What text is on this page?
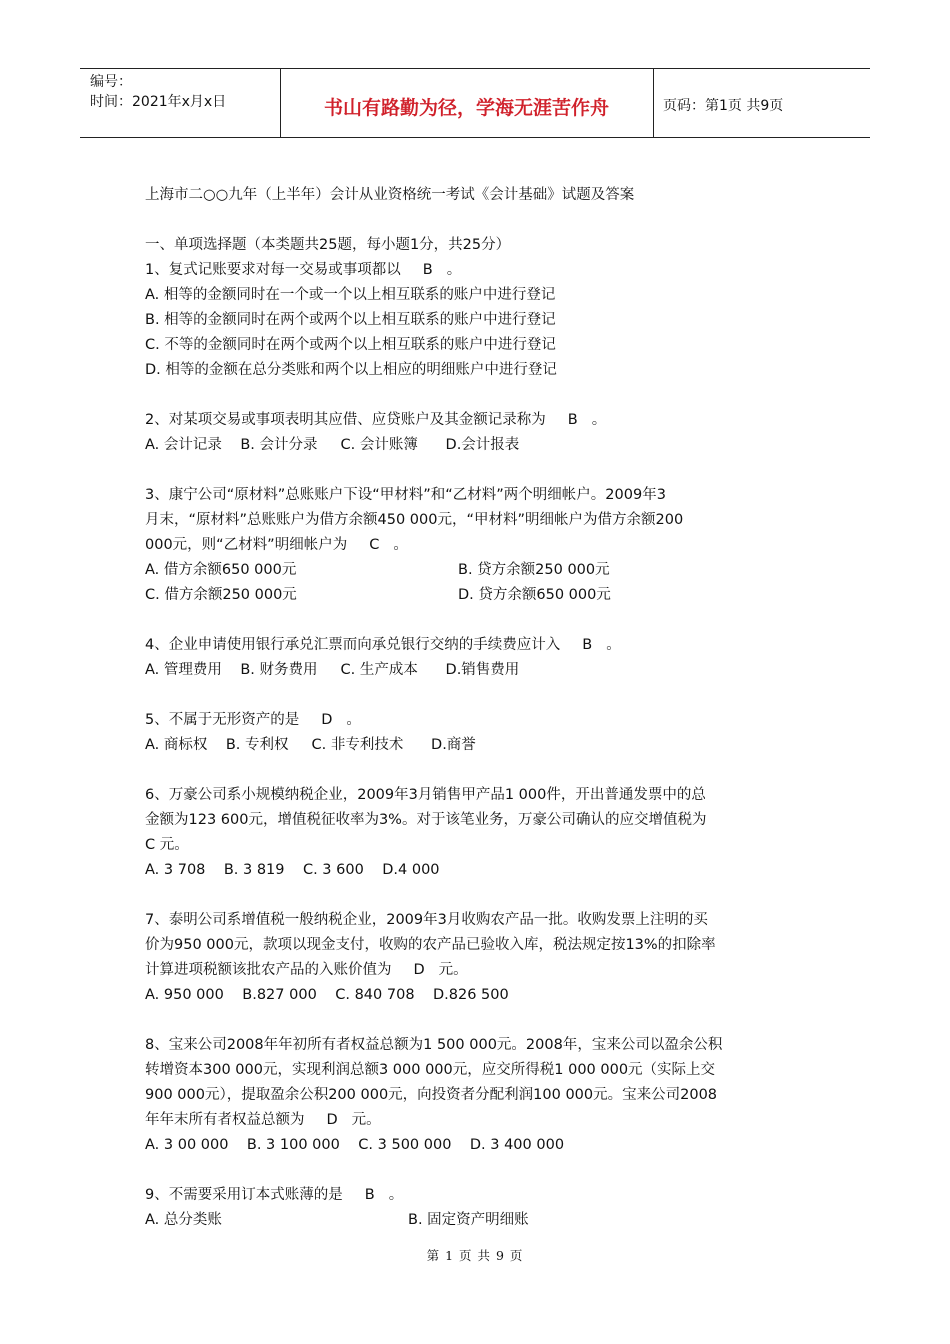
编号：
时间：2021年x月x日	书山有路勤为径，学海无涯苦作舟	页码：第1页 共9页
上海市二○○九年（上半年）会计从业资格统一考试《会计基础》试题及答案
一、单项选择题（本类题共25题，每小题1分，共25分）
1、复式记账要求对每一交易或事项都以 B 。
A. 相等的金额同时在一个或一个以上相互联系的账户中进行登记
B. 相等的金额同时在两个或两个以上相互联系的账户中进行登记
C. 不等的金额同时在两个或两个以上相互联系的账户中进行登记
D. 相等的金额在总分类账和两个以上相应的明细账户中进行登记
2、对某项交易或事项表明其应借、应贷账户及其金额记录称为 B 。
A. 会计记录    B. 会计分录     C. 会计账簿      D.会计报表
3、康宁公司“原材料”总账账户下设“甲材料”和“乙材料”两个明细帐户。2009年3
月末，“原材料”总账账户为借方余额450 000元，“甲材料”明细帐户为借方余额200
000元，则“乙材料”明细帐户为 C 。
A. 借方余额650 000元	B. 贷方余额250 000元
C. 借方余额250 000元	D. 贷方余额650 000元
4、企业申请使用银行承兑汇票而向承兑银行交纳的手续费应计入 B 。
A. 管理费用    B. 财务费用     C. 生产成本      D.销售费用
5、不属于无形资产的是 D 。
A. 商标权    B. 专利权     C. 非专利技术      D.商誉
6、万豪公司系小规模纳税企业，2009年3月销售甲产品1 000件，开出普通发票中的总
金额为123 600元，增值税征收率为3%。对于该笔业务，万豪公司确认的应交增值税为
C 元。
A. 3 708    B. 3 819    C. 3 600    D.4 000
7、泰明公司系增值税一般纳税企业，2009年3月收购农产品一批。收购发票上注明的买
价为950 000元，款项以现金支付，收购的农产品已验收入库，税法规定按13%的扣除率
计算进项税额该批农产品的入账价值为 D 元。
A. 950 000    B.827 000    C. 840 708    D.826 500
8、宝来公司2008年年初所有者权益总额为1 500 000元。2008年，宝来公司以盈余公积
转增资本300 000元，实现利润总额3 000 000元，应交所得税1 000 000元（实际上交
900 000元），提取盈余公积200 000元，向投资者分配利润100 000元。宝来公司2008
年年末所有者权益总额为 D 元。
A. 3 00 000    B. 3 100 000    C. 3 500 000    D. 3 400 000
9、不需要采用订本式账薄的是 B 。
A. 总分类账	B. 固定资产明细账
第 1 页 共 9 页
